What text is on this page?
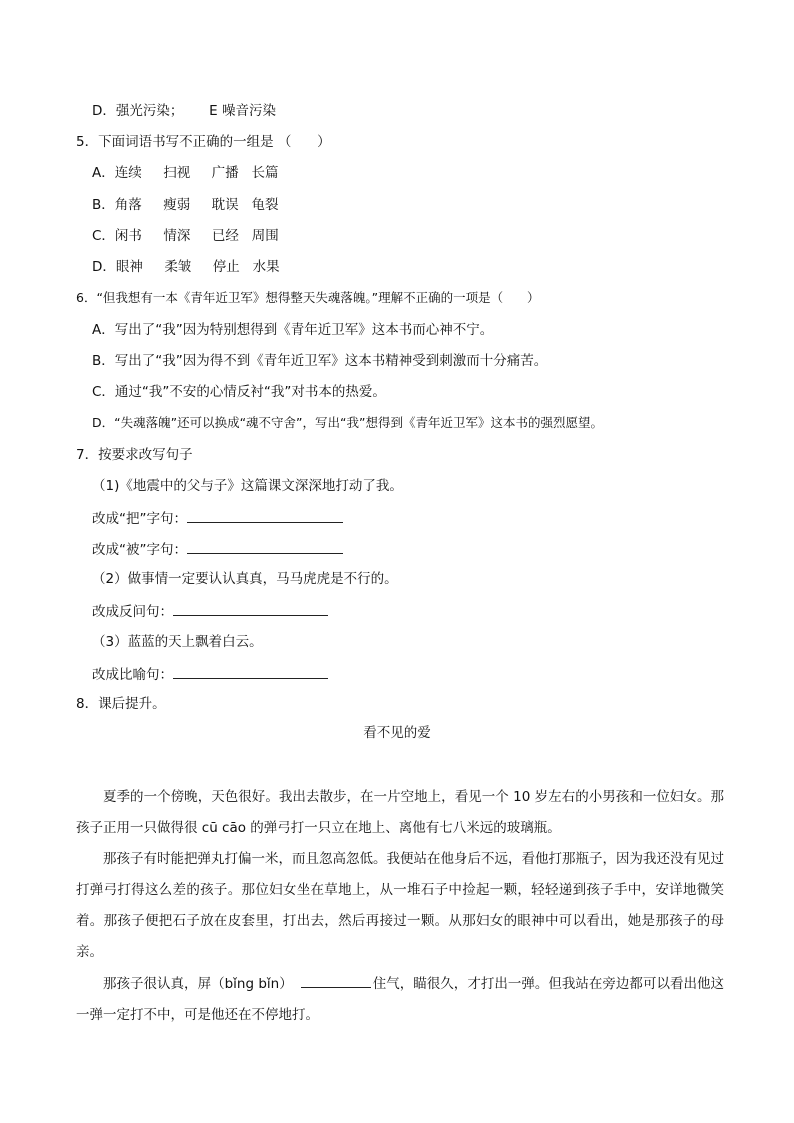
D．强光污染；      E 噪音污染
5．下面词语书写不正确的一组是 （      ）
A．连续     扫视     广播   长篇
B．角落     瘦弱     耽误   龟裂
C．闲书     情深     已经   周围
D．眼神     柔皱     停止   水果
6．“但我想有一本《青年近卫军》想得整天失魂落魄。”理解不正确的一项是（      ）
A．写出了“我”因为特别想得到《青年近卫军》这本书而心神不宁。
B．写出了“我”因为得不到《青年近卫军》这本书精神受到刺激而十分痛苦。
C．通过“我”不安的心情反衬“我”对书本的热爱。
D．“失魂落魄”还可以换成“魂不守舍”，写出“我”想得到《青年近卫军》这本书的强烈愿望。
7．按要求改写句子
（1)《地震中的父与子》这篇课文深深地打动了我。
改成“把”字句：
改成“被”字句：
（2）做事情一定要认认真真，马马虎虎是不行的。
改成反问句：
（3）蓝蓝的天上飘着白云。
改成比喻句：
8．课后提升。
看不见的爱
夏季的一个傍晚，天色很好。我出去散步，在一片空地上，看见一个 10 岁左右的小男孩和一位妇女。那孩子正用一只做得很 cū cāo 的弹弓打一只立在地上、离他有七八米远的玻璃瓶。
那孩子有时能把弹丸打偏一米，而且忽高忽低。我便站在他身后不远，看他打那瓶子，因为我还没有见过打弹弓打得这么差的孩子。那位妇女坐在草地上，从一堆石子中捡起一颗，轻轻递到孩子手中，安详地微笑着。那孩子便把石子放在皮套里，打出去，然后再接过一颗。从那妇女的眼神中可以看出，她是那孩子的母亲。
那孩子很认真，屏（bǐng bǐn）	住气，瞄很久，才打出一弹。但我站在旁边都可以看出他这一弹一定打不中，可是他还在不停地打。
